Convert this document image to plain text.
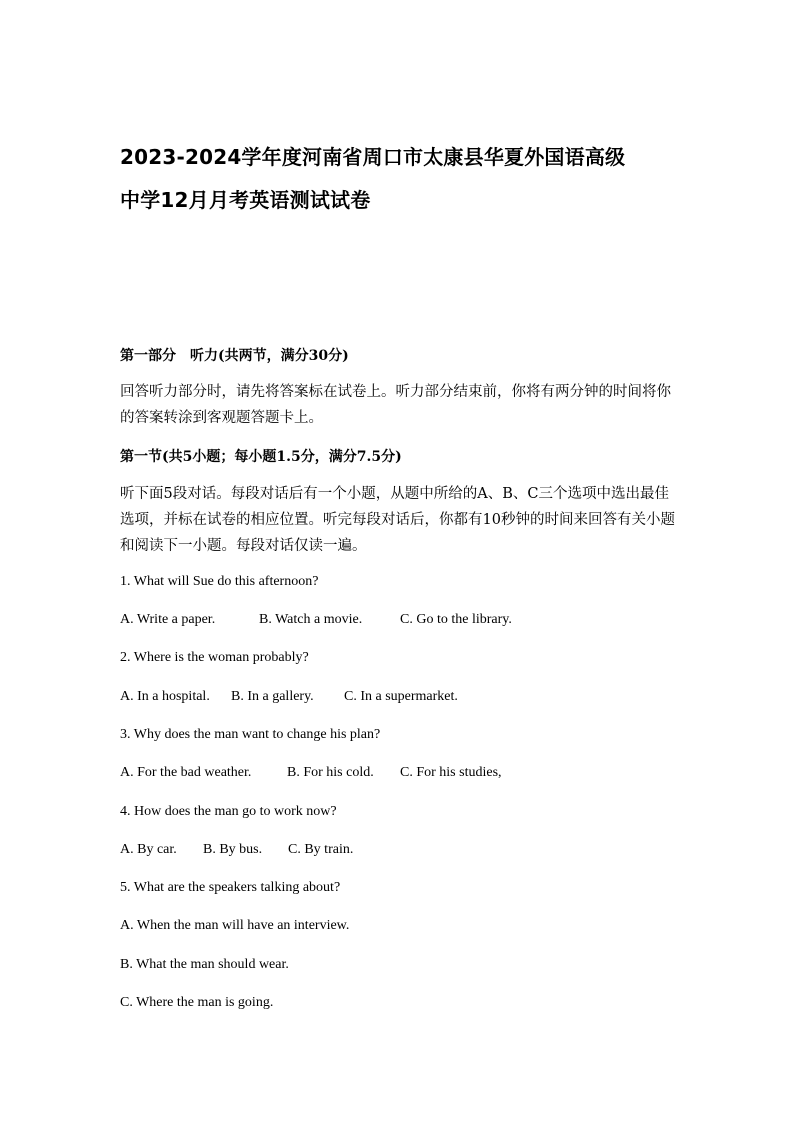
2023-2024学年度河南省周口市太康县华夏外国语高级
中学12月月考英语测试试卷
第一部分　听力(共两节，满分30分)
回答听力部分时，请先将答案标在试卷上。听力部分结束前，你将有两分钟的时间将你的答案转涂到客观题答题卡上。
第一节(共5小题；每小题1.5分，满分7.5分)
听下面5段对话。每段对话后有一个小题，从题中所给的A、B、C三个选项中选出最佳选项，并标在试卷的相应位置。听完每段对话后，你都有10秒钟的时间来回答有关小题和阅读下一小题。每段对话仅读一遍。
1. What will Sue do this afternoon?
A. Write a paper.	B. Watch a movie.	C. Go to the library.
2. Where is the woman probably?
A. In a hospital. B. In a gallery. C. In a supermarket.
3. Why does the man want to change his plan?
A. For the bad weather.	B. For his cold. C. For his studies,
4. How does the man go to work now?
A. By car. B. By bus. C. By train.
5. What are the speakers talking about?
A. When the man will have an interview.
B. What the man should wear.
C. Where the man is going.
